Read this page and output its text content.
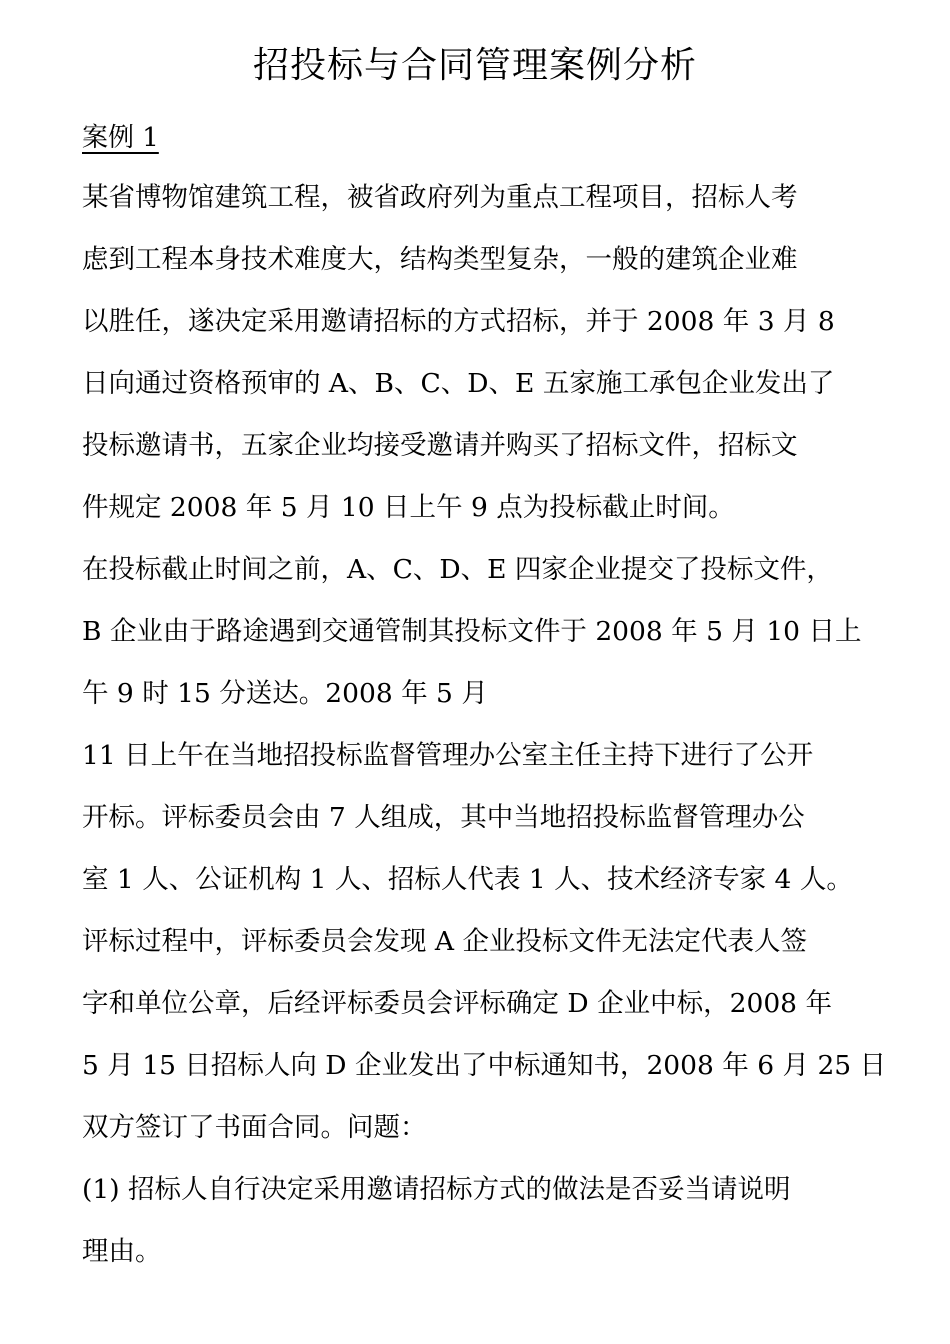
招投标与合同管理案例分析
案例 1
某省博物馆建筑工程，被省政府列为重点工程项目，招标人考
虑到工程本身技术难度大，结构类型复杂，一般的建筑企业难
以胜任，遂决定采用邀请招标的方式招标，并于 2008 年 3 月 8
日向通过资格预审的 A、B、C、D、E 五家施工承包企业发出了
投标邀请书，五家企业均接受邀请并购买了招标文件，招标文
件规定 2008 年 5 月 10 日上午 9 点为投标截止时间。
在投标截止时间之前，A、C、D、E 四家企业提交了投标文件，
B 企业由于路途遇到交通管制其投标文件于 2008 年 5 月 10 日上
午 9 时 15 分送达。2008 年 5 月
11 日上午在当地招投标监督管理办公室主任主持下进行了公开
开标。评标委员会由 7 人组成，其中当地招投标监督管理办公
室 1 人、公证机构 1 人、招标人代表 1 人、技术经济专家 4 人。
评标过程中，评标委员会发现 A 企业投标文件无法定代表人签
字和单位公章，后经评标委员会评标确定 D 企业中标，2008 年
5 月 15 日招标人向 D 企业发出了中标通知书，2008 年 6 月 25 日
双方签订了书面合同。问题：
(1) 招标人自行决定采用邀请招标方式的做法是否妥当请说明
理由。
